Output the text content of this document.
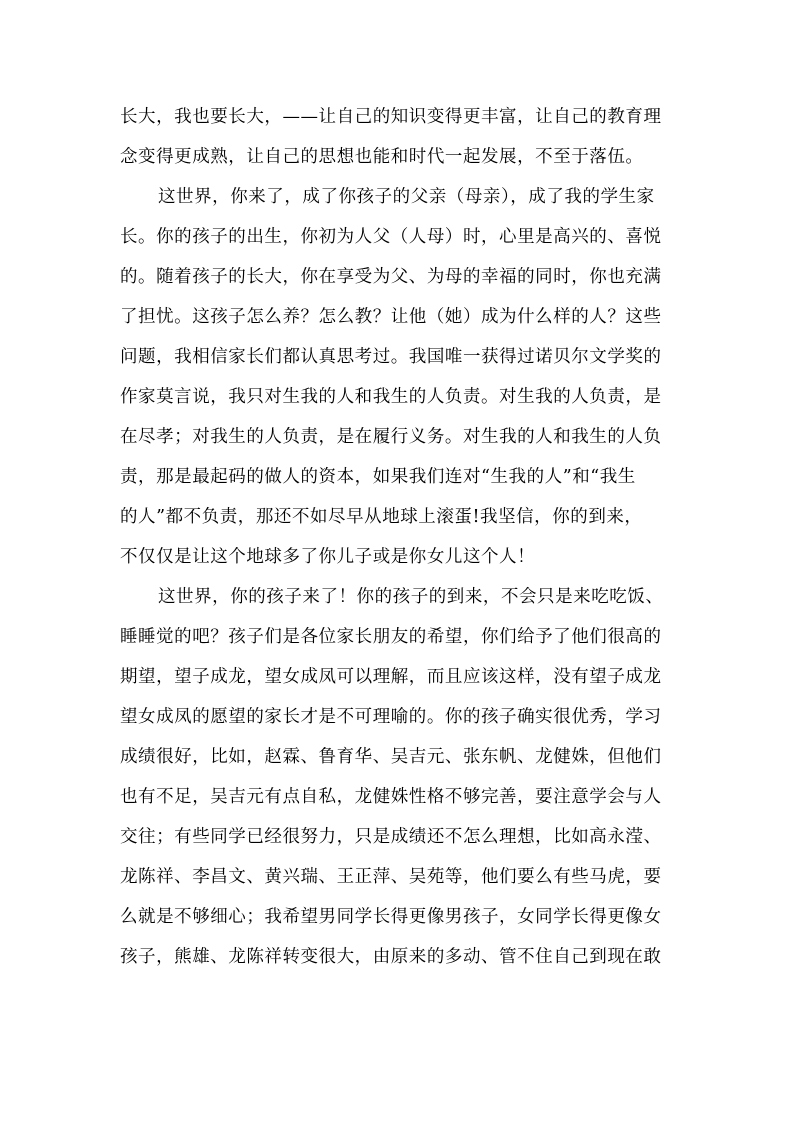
长大，我也要长大，——让自己的知识变得更丰富，让自己的教育理
念变得更成熟，让自己的思想也能和时代一起发展，不至于落伍。
这世界，你来了，成了你孩子的父亲（母亲），成了我的学生家
长。你的孩子的出生，你初为人父（人母）时，心里是高兴的、喜悦
的。随着孩子的长大，你在享受为父、为母的幸福的同时，你也充满
了担忧。这孩子怎么养？怎么教？让他（她）成为什么样的人？这些
问题，我相信家长们都认真思考过。我国唯一获得过诺贝尔文学奖的
作家莫言说，我只对生我的人和我生的人负责。对生我的人负责，是
在尽孝；对我生的人负责，是在履行义务。对生我的人和我生的人负
责，那是最起码的做人的资本，如果我们连对“生我的人”和“我生
的人”都不负责，那还不如尽早从地球上滚蛋!我坚信，你的到来，
不仅仅是让这个地球多了你儿子或是你女儿这个人！
这世界，你的孩子来了！你的孩子的到来，不会只是来吃吃饭、
睡睡觉的吧？孩子们是各位家长朋友的希望，你们给予了他们很高的
期望，望子成龙，望女成凤可以理解，而且应该这样，没有望子成龙
望女成凤的愿望的家长才是不可理喻的。你的孩子确实很优秀，学习
成绩很好，比如，赵霖、鲁育华、吴吉元、张东帆、龙健姝，但他们
也有不足，吴吉元有点自私，龙健姝性格不够完善，要注意学会与人
交往；有些同学已经很努力，只是成绩还不怎么理想，比如高永滢、
龙陈祥、李昌文、黄兴瑞、王正萍、吴苑等，他们要么有些马虎，要
么就是不够细心；我希望男同学长得更像男孩子，女同学长得更像女
孩子，熊雄、龙陈祥转变很大，由原来的多动、管不住自己到现在敢
